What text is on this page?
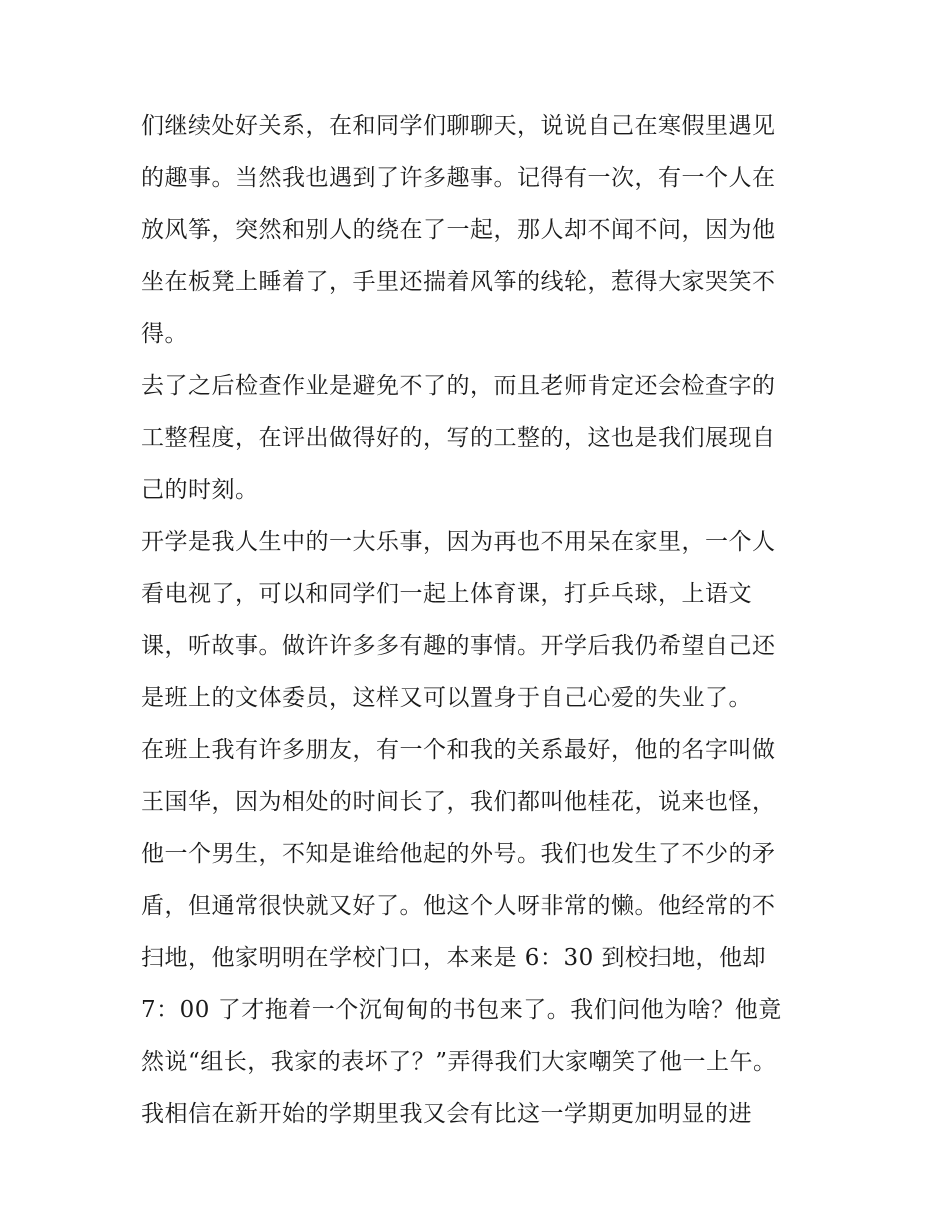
们继续处好关系，在和同学们聊聊天，说说自己在寒假里遇见
的趣事。当然我也遇到了许多趣事。记得有一次，有一个人在
放风筝，突然和别人的绕在了一起，那人却不闻不问，因为他
坐在板凳上睡着了，手里还揣着风筝的线轮，惹得大家哭笑不
得。
去了之后检查作业是避免不了的，而且老师肯定还会检查字的
工整程度，在评出做得好的，写的工整的，这也是我们展现自
己的时刻。
开学是我人生中的一大乐事，因为再也不用呆在家里，一个人
看电视了，可以和同学们一起上体育课，打乒乓球，上语文
课，听故事。做许许多多有趣的事情。开学后我仍希望自己还
是班上的文体委员，这样又可以置身于自己心爱的失业了。
在班上我有许多朋友，有一个和我的关系最好，他的名字叫做
王国华，因为相处的时间长了，我们都叫他桂花，说来也怪，
他一个男生，不知是谁给他起的外号。我们也发生了不少的矛
盾，但通常很快就又好了。他这个人呀非常的懒。他经常的不
扫地，他家明明在学校门口，本来是 6：30 到校扫地，他却
7：00 了才拖着一个沉甸甸的书包来了。我们问他为啥？他竟
然说“组长，我家的表坏了？”弄得我们大家嘲笑了他一上午。
我相信在新开始的学期里我又会有比这一学期更加明显的进
